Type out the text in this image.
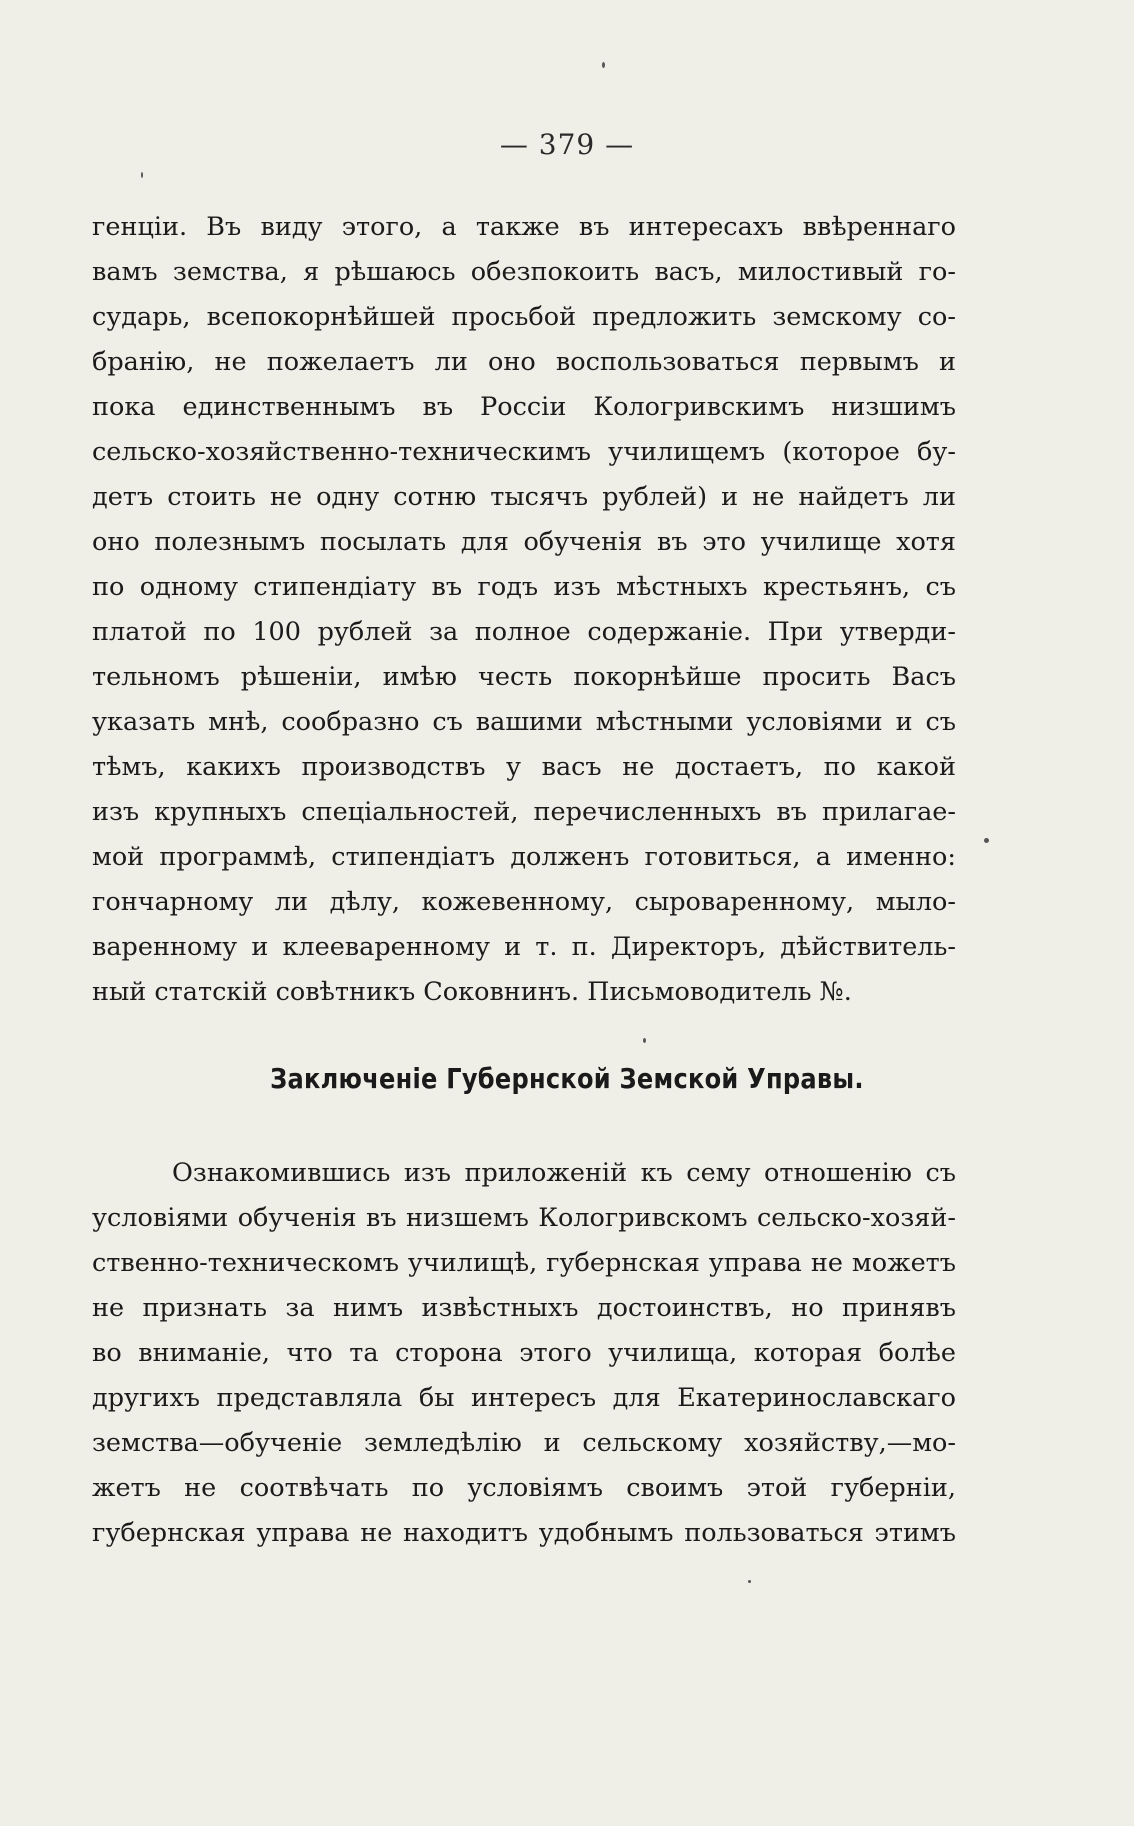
— 379 —
генціи. Въ виду этого, а также въ интересахъ ввѣреннаго
вамъ земства, я рѣшаюсь обезпокоить васъ, милостивый го-
сударь, всепокорнѣйшей просьбой предложить земскому со-
бранію, не пожелаетъ ли оно воспользоваться первымъ и
пока единственнымъ въ Россіи Кологривскимъ низшимъ
сельско-хозяйственно-техническимъ училищемъ (которое бу-
детъ стоить не одну сотню тысячъ рублей) и не найдетъ ли
оно полезнымъ посылать для обученія въ это училище хотя
по одному стипендіату въ годъ изъ мѣстныхъ крестьянъ, съ
платой по 100 рублей за полное содержаніе. При утверди-
тельномъ рѣшеніи, имѣю честь покорнѣйше просить Васъ
указать мнѣ, сообразно съ вашими мѣстными условіями и съ
тѣмъ, какихъ производствъ у васъ не достаетъ, по какой
изъ крупныхъ спеціальностей, перечисленныхъ въ прилагае-
мой программѣ, стипендіатъ долженъ готовиться, а именно:
гончарному ли дѣлу, кожевенному, сыроваренному, мыло-
варенному и клееваренному и т. п. Директоръ, дѣйствитель-
ный статскій совѣтникъ Соковнинъ. Письмоводитель №.
Заключеніе Губернской Земской Управы.
Ознакомившись изъ приложеній къ сему отношенію съ
условіями обученія въ низшемъ Кологривскомъ сельско-хозяй-
ственно-техническомъ училищѣ, губернская управа не можетъ
не признать за нимъ извѣстныхъ достоинствъ, но принявъ
во вниманіе, что та сторона этого училища, которая болѣе
другихъ представляла бы интересъ для Екатеринославскаго
земства—обученіе земледѣлію и сельскому хозяйству,—мо-
жетъ не соотвѣчать по условіямъ своимъ этой губерніи,
губернская управа не находитъ удобнымъ пользоваться этимъ
